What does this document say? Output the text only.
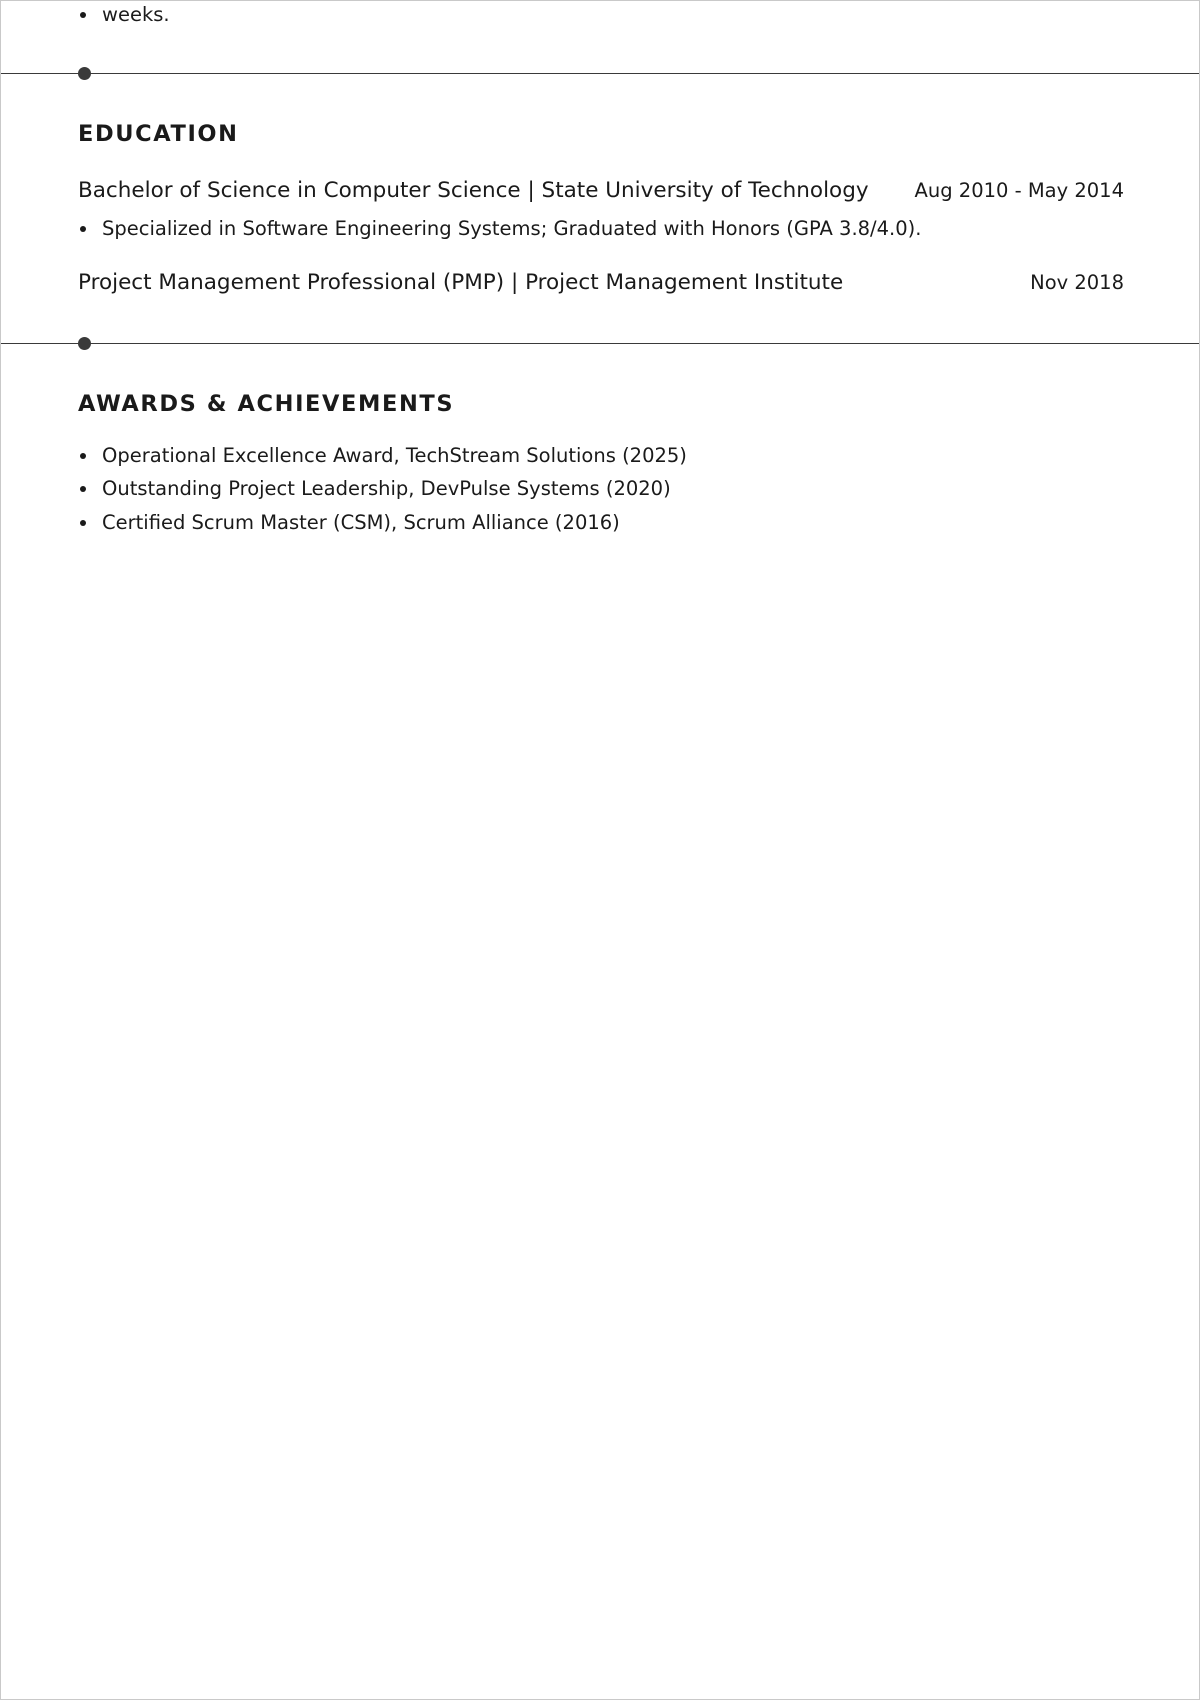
weeks.
EDUCATION
Bachelor of Science in Computer Science | State University of Technology Aug 2010 - May 2014
Specialized in Software Engineering Systems; Graduated with Honors (GPA 3.8/4.0).
Project Management Professional (PMP) | Project Management Institute	Nov 2018
AWARDS & ACHIEVEMENTS
Operational Excellence Award, TechStream Solutions (2025)
Outstanding Project Leadership, DevPulse Systems (2020)
Certified Scrum Master (CSM), Scrum Alliance (2016)
